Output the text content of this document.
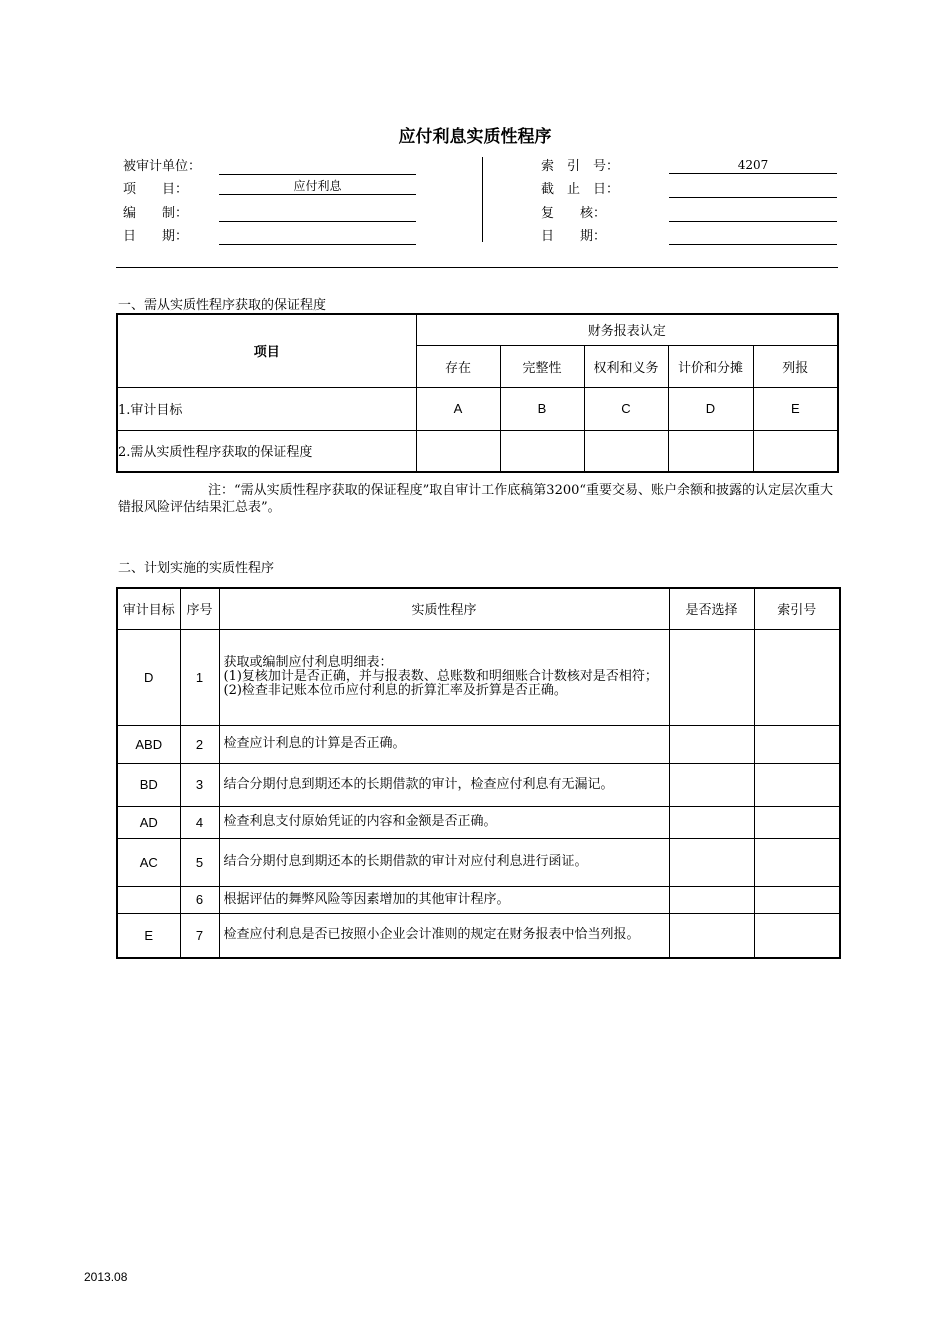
应付利息实质性程序
被审计单位：
项　　目：	应付利息
编　　制：
日　　期：
索　引　号：	4207
截　止　日：
复　　核：
日　　期：
一、需从实质性程序获取的保证程度
项目	财务报表认定				
	存在	完整性	权利和义务	计价和分摊	列报
1.审计目标	A	B	C	D	E
2.需从实质性程序获取的保证程度					
注：“需从实质性程序获取的保证程度”取自审计工作底稿第3200“重要交易、账户余额和披露的认定层次重大错报风险评估结果汇总表”。
二、计划实施的实质性程序
审计目标	序号	实质性程序	是否选择	索引号
D	1	获取或编制应付利息明细表：
(1)复核加计是否正确，并与报表数、总账数和明细账合计数核对是否相符；
(2)检查非记账本位币应付利息的折算汇率及折算是否正确。		
ABD	2	检查应计利息的计算是否正确。		
BD	3	结合分期付息到期还本的长期借款的审计，检查应付利息有无漏记。		
AD	4	检查利息支付原始凭证的内容和金额是否正确。		
AC	5	结合分期付息到期还本的长期借款的审计对应付利息进行函证。		
	6	根据评估的舞弊风险等因素增加的其他审计程序。		
E	7	检查应付利息是否已按照小企业会计准则的规定在财务报表中恰当列报。		
2013.08
